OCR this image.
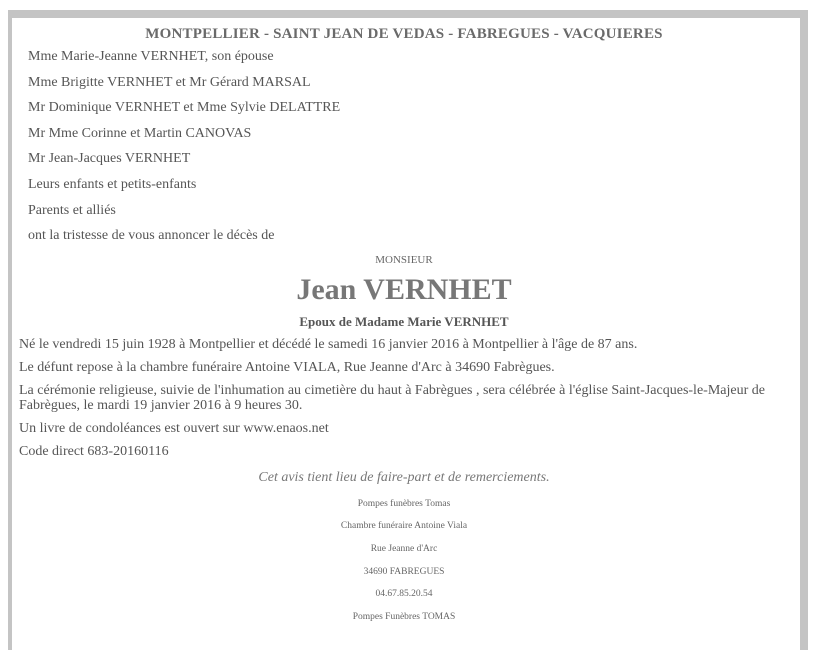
MONTPELLIER - SAINT JEAN DE VEDAS - FABREGUES - VACQUIERES
Mme Marie-Jeanne VERNHET, son épouse
Mme Brigitte VERNHET et Mr Gérard MARSAL
Mr Dominique VERNHET et Mme Sylvie DELATTRE
Mr Mme Corinne et Martin CANOVAS
Mr Jean-Jacques VERNHET
Leurs enfants et petits-enfants
Parents et alliés
ont la tristesse de vous annoncer le décès de
MONSIEUR
Jean VERNHET
Epoux de Madame Marie VERNHET
Né le vendredi 15 juin 1928 à Montpellier et décédé le samedi 16 janvier 2016 à Montpellier à l'âge de 87 ans.
Le défunt repose à la chambre funéraire Antoine VIALA, Rue Jeanne d'Arc à 34690 Fabrègues.
La cérémonie religieuse, suivie de l'inhumation au cimetière du haut à Fabrègues , sera célébrée à l'église Saint-Jacques-le-Majeur de Fabrègues, le mardi 19 janvier 2016 à 9 heures 30.
Un livre de condoléances est ouvert sur www.enaos.net
Code direct 683-20160116
Cet avis tient lieu de faire-part et de remerciements.
Pompes funèbres Tomas
Chambre funéraire Antoine Viala
Rue Jeanne d'Arc
34690 FABREGUES
04.67.85.20.54
Pompes Funèbres TOMAS
